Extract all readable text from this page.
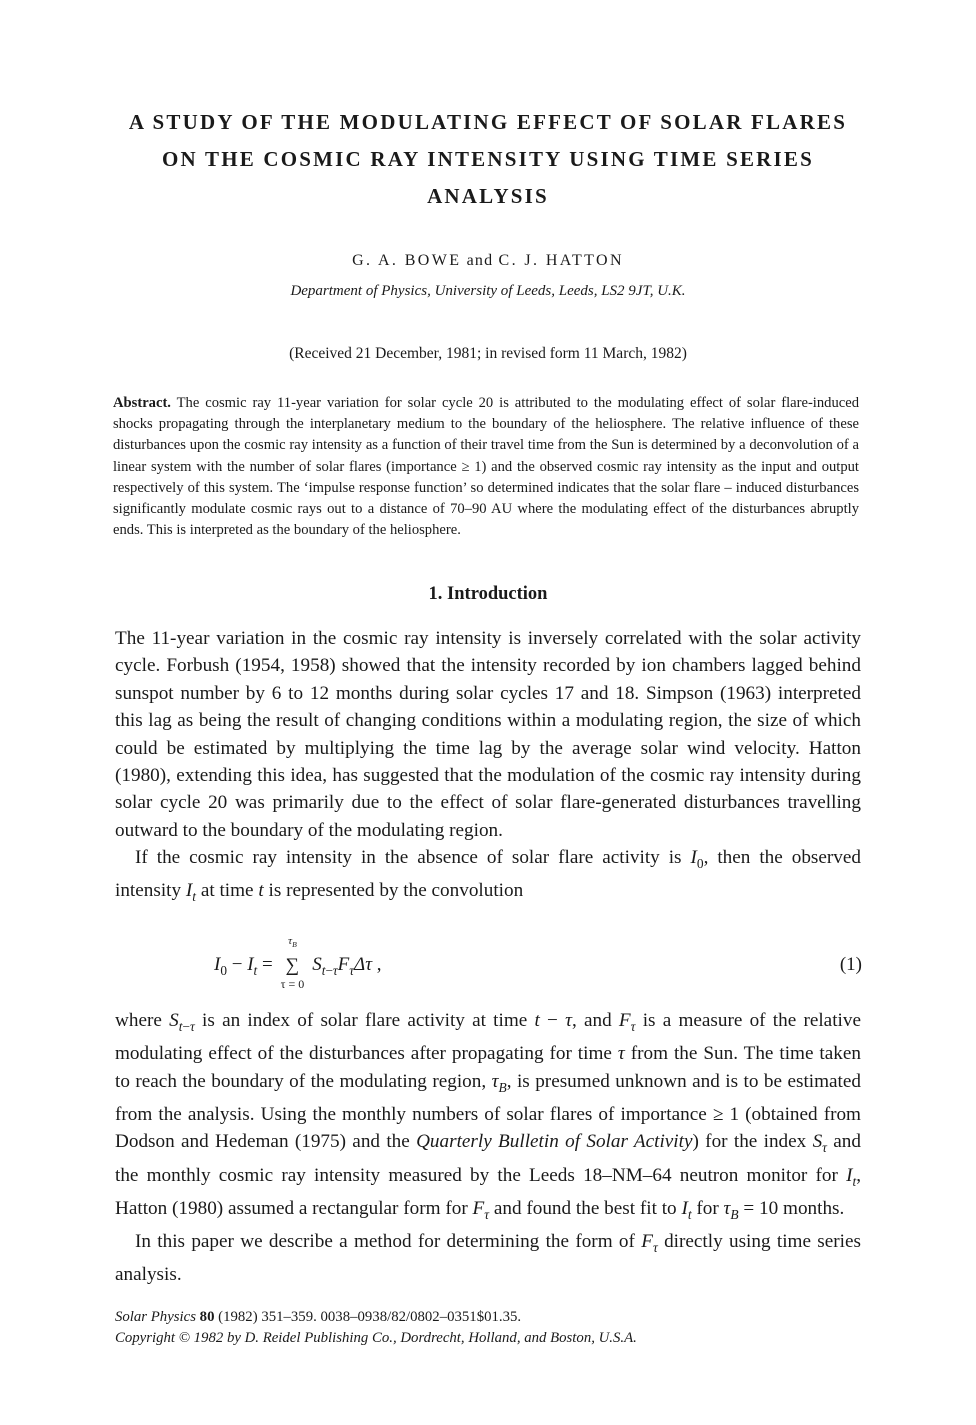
A STUDY OF THE MODULATING EFFECT OF SOLAR FLARES
ON THE COSMIC RAY INTENSITY USING TIME SERIES
ANALYSIS
G. A. BOWE and C. J. HATTON
Department of Physics, University of Leeds, Leeds, LS2 9JT, U.K.
(Received 21 December, 1981; in revised form 11 March, 1982)
Abstract. The cosmic ray 11-year variation for solar cycle 20 is attributed to the modulating effect of solar flare-induced shocks propagating through the interplanetary medium to the boundary of the heliosphere. The relative influence of these disturbances upon the cosmic ray intensity as a function of their travel time from the Sun is determined by a deconvolution of a linear system with the number of solar flares (importance ≥ 1) and the observed cosmic ray intensity as the input and output respectively of this system. The ‘impulse response function’ so determined indicates that the solar flare – induced disturbances significantly modulate cosmic rays out to a distance of 70–90 AU where the modulating effect of the disturbances abruptly ends. This is interpreted as the boundary of the heliosphere.
1. Introduction

The 11-year variation in the cosmic ray intensity is inversely correlated with the solar activity cycle. Forbush (1954, 1958) showed that the intensity recorded by ion chambers lagged behind sunspot number by 6 to 12 months during solar cycles 17 and 18. Simpson (1963) interpreted this lag as being the result of changing conditions within a modulating region, the size of which could be estimated by multiplying the time lag by the average solar wind velocity. Hatton (1980), extending this idea, has suggested that the modulation of the cosmic ray intensity during solar cycle 20 was primarily due to the effect of solar flare-generated disturbances travelling outward to the boundary of the modulating region.

If the cosmic ray intensity in the absence of solar flare activity is $I_0$, then the observed intensity $I_t$ at time t is represented by the convolution

$I_0 - I_t$ =
$\tau_B$
∑
τ = 0
$S_{t-\tau}F_\tau\Delta\tau$ ,	(1)

where $S_{t-\tau}$ is an index of solar flare activity at time t − τ, and $F_\tau$ is a measure of the relative modulating effect of the disturbances after propagating for time τ from the Sun. The time taken to reach the boundary of the modulating region, $\tau_B$, is presumed unknown and is to be estimated from the analysis. Using the monthly numbers of solar flares of importance ≥ 1 (obtained from Dodson and Hedeman (1975) and the Quarterly Bulletin of Solar Activity) for the index $S_\tau$ and the monthly cosmic ray intensity measured by the Leeds 18–NM–64 neutron monitor for $I_t$, Hatton (1980) assumed a rectangular form for $F_\tau$ and found the best fit to $I_t$ for $\tau_B = 10$ months.

In this paper we describe a method for determining the form of $F_\tau$ directly using time series analysis.

Solar Physics 80 (1982) 351–359. 0038–0938/82/0802–0351$01.35.
Copyright © 1982 by D. Reidel Publishing Co., Dordrecht, Holland, and Boston, U.S.A.
